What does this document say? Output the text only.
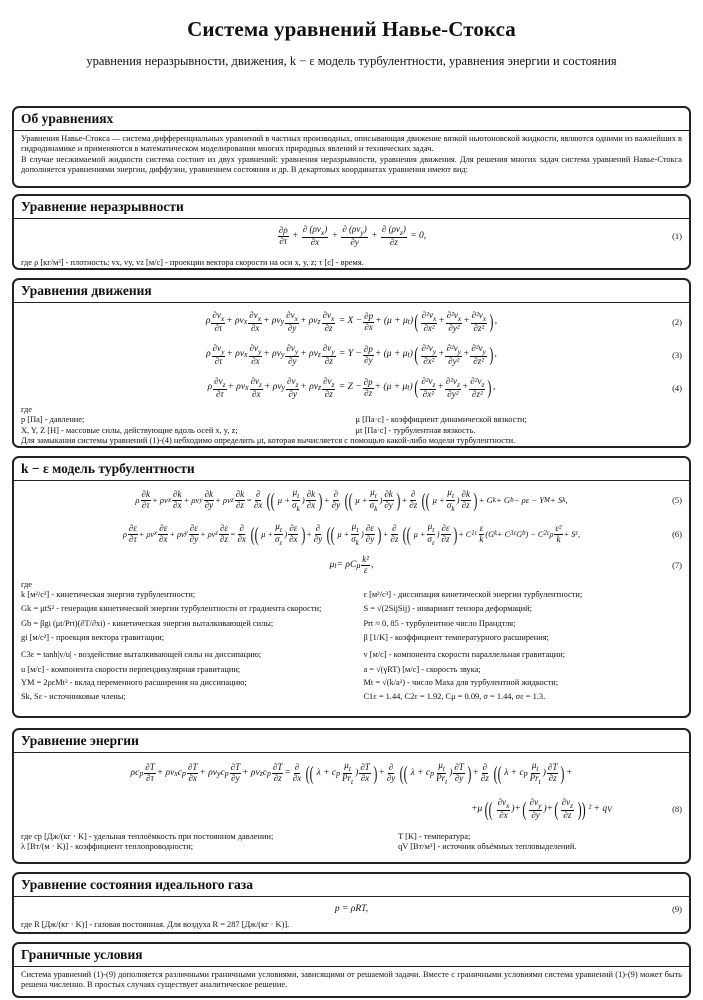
Система уравнений Навье-Стокса
уравнения неразрывности, движения, k − ε модель турбулентности, уравнения энергии и состояния
Об уравнениях
Уравнения Навье-Стокса — система дифференциальных уравнений в частных производных, описывающая движение вязкой ньютоновской жидкости, являются одними из важнейших в гидродинамике и применяются в математическом моделировании многих природных явлений и технических задач.
В случае несжимаемой жидкости система состоит из двух уравнений: уравнения неразрывности, уравнения движения. Для решения многих задач система уравнений Навье-Стокса дополняется уравнениями энергии, диффузии, уравнением состояния и др. В декартовых координатах уравнения имеют вид:
Уравнение неразрывности
$\frac{\partial\rho}{\partial\tau} + \frac{\partial (\rho v_x)}{\partial x} + \frac{\partial (\rho v_y)}{\partial y} + \frac{\partial (\rho v_z)}{\partial z} = 0$,	(1)
где ρ [кг/м³] - плотность; vx, vy, vz [м/с] - проекции вектора скорости на оси x, y, z; τ [с] - время.
Уравнения движения
ρ $\frac{\partial v_x}{\partial\tau} + \rho v$ x $\frac{\partial v_x}{\partial x} + \rho v$ y $\frac{\partial v_x}{\partial y} + \rho v$ z $\frac{\partial v_x}{\partial z} = X - \frac{\partial p}{\partial x} + (\mu + \mu$ t ) ( $\frac{\partial^2v_x}{\text{∂x²}} + \frac{\partial^2v_x}{\text{∂y²}} + \frac{\partial^2v_x}{\text{∂z²}}$ ) ,	(2)
ρ $\frac{\partial v_y}{\partial\tau} + \rho v$ x $\frac{\partial v_y}{\partial x} + \rho v$ y $\frac{\partial v_y}{\partial y} + \rho v$ z $\frac{\partial v_y}{\partial z} = Y - \frac{\partial p}{\partial y} + (\mu + \mu$ t ) ( $\frac{\partial^2v_y}{\text{∂x²}} + \frac{\partial^2v_y}{\text{∂y²}} + \frac{\partial^2v_y}{\text{∂z²}}$ ) ,	(3)
ρ $\frac{\partial v_z}{\partial\tau} + \rho v$ x $\frac{\partial v_z}{\partial x} + \rho v$ y $\frac{\partial v_z}{\partial y} + \rho v$ z $\frac{\partial v_z}{\partial z} = Z - \frac{\partial p}{\partial z} + (\mu + \mu$ t ) ( $\frac{\partial^2v_z}{\text{∂x²}} + \frac{\partial^2v_z}{\text{∂y²}} + \frac{\partial^2v_z}{\text{∂z²}}$ ) ,	(4)
где
p [Па] - давление;
X, Y, Z [Н] - массовые силы, действующие вдоль осей x, y, z;
μ [Па·с] - коэффициент динамической вязкости;
μt [Па·с] - турбулентная вязкость.
Для замыкания системы уравнений (1)-(4) небходимо определить μt, которая вычисляется с помощью какой-либо модели турбулентности.
k − ε модель турбулентности
ρ $\frac{\partial k}{\partial\tau} + \rho v$ x $\frac{\partial k}{\partial x} + \rho v$ y $\frac{\partial k}{\partial y} + \rho v$ z $\frac{\partial k}{\partial z} = \frac{\partial}{\partial x}$ (( $\mu + \frac{\mu_t}{\sigma_k}$ ) $\frac{\partial k}{\partial x}$ ) + $\frac{\partial}{\partial y}$ (( $\mu + \frac{\mu_t}{\sigma_k}$ ) $\frac{\partial k}{\partial y}$ ) + $\frac{\partial}{\partial z}$ (( $\mu + \frac{\mu_t}{\sigma_k}$ ) $\frac{\partial k}{\partial z}$ ) + G k + G b − ρε − Y M + S k ,	(5)
ρ $\frac{\partial\varepsilon}{\partial\tau} + \rho v$ x $\frac{\partial\varepsilon}{\partial x} + \rho v$ y $\frac{\partial\varepsilon}{\partial y} + \rho v$ z $\frac{\partial\varepsilon}{\partial z} = \frac{\partial}{\partial x}$ (( $\mu + \frac{\mu_t}{\sigma_\varepsilon}$ ) $\frac{\partial\varepsilon}{\partial x}$ ) + $\frac{\partial}{\partial y}$ (( $\mu + \frac{\mu_t}{\sigma_k}$ ) $\frac{\partial\varepsilon}{\partial y}$ ) + $\frac{\partial}{\partial z}$ (( $\mu + \frac{\mu_t}{\sigma_\varepsilon}$ ) $\frac{\partial\varepsilon}{\partial z}$ ) + C $1\varepsilon \frac{\varepsilon}{k} (G$ k + C 3ε G b ) − C 2ε ρ $\frac{\text{ε²}}{k} + S$ ε ,	(6)
μ t = ρC μ $\frac{\text{k²}}{\varepsilon}$ ,	(7)
где
k [м²/с²] - кинетическая энергия турбулентности;
Gk = μtS² - генерация кинетической энергии турбулентности от градиента скорости;
Gb = βgi (μt/Prt)(∂T/∂xi) - кинетическая энергия выталкивающей силы;
gi [м/с²] - проекция вектора гравитации;
C3ε = tanh|v/u| - воздействие выталкивающей силы на диссипацию;
u [м/с] - компонента скорости перпендикулярная гравитации;
YM = 2ρεMt² - вклад переменного расширения на диссипацию;
Sk, Sε - источниковые члены;
ε [м²/с³] - диссипация кинетической энергии турбулентности;
S = √(2SijSij) - инвариант тензора деформаций;
Prt ≈ 0, 85 - турбулентное число Прандтля;
β [1/K] - коэффициент температурного расширения;
v [м/с] - компонента скорости параллельная гравитации;
a = √(γRT) [м/с] - скорость звука;
Mt = √(k/a²) - число Маха для турбулентной жидкости;
C1ε = 1.44, C2ε = 1.92, Cμ = 0.09, σ = 1.44, σε = 1.3.
Уравнение энергии
ρc p $\frac{\partial T}{\partial\tau} + \rho v$ x c p $\frac{\partial T}{\partial x} + \rho v$ y c p $\frac{\partial T}{\partial y} + \rho v$ z c p $\frac{\partial T}{\partial z} = \frac{\partial}{\partial x}$ (( λ + c p $\frac{\mu_t}{Pr_t}$ ) $\frac{\partial T}{\partial x}$ ) + $\frac{\partial}{\partial y}$ (( λ + c p $\frac{\mu_t}{Pr_t}$ ) $\frac{\partial T}{\partial y}$ ) + $\frac{\partial}{\partial z}$ (( λ + c p $\frac{\mu_t}{Pr_t}$ ) $\frac{\partial T}{\partial z}$ ) +
+μ (( $\frac{\partial v_x}{\partial x}$ )+ ( $\frac{\partial v_y}{\partial y}$ )+ ( $\frac{\partial v_z}{\partial z}$ )) ² + q V	(8)
где cp [Дж/(кг · K] - удельная теплоёмкость при постоянном давлении;
λ [Вт/(м · K)] - коэффициент теплопроводности;
T [K] - температура;
qV [Вт/м³] - источник объёмных тепловыделений.
Уравнение состояния идеального газа
p = ρRT,	(9)
где R [Дж/(кг · K)] - газовая постоянная. Для воздуха R = 287 [Дж/(кг · K)].
Граничные условия
Система уравнений (1)-(9) дополняется различными граничными условиями, зависящими от решаемой задачи. Вместе с граничными условиями система уравнений (1)-(9) может быть решена численно. В простых случаях существует аналитическое решение.
